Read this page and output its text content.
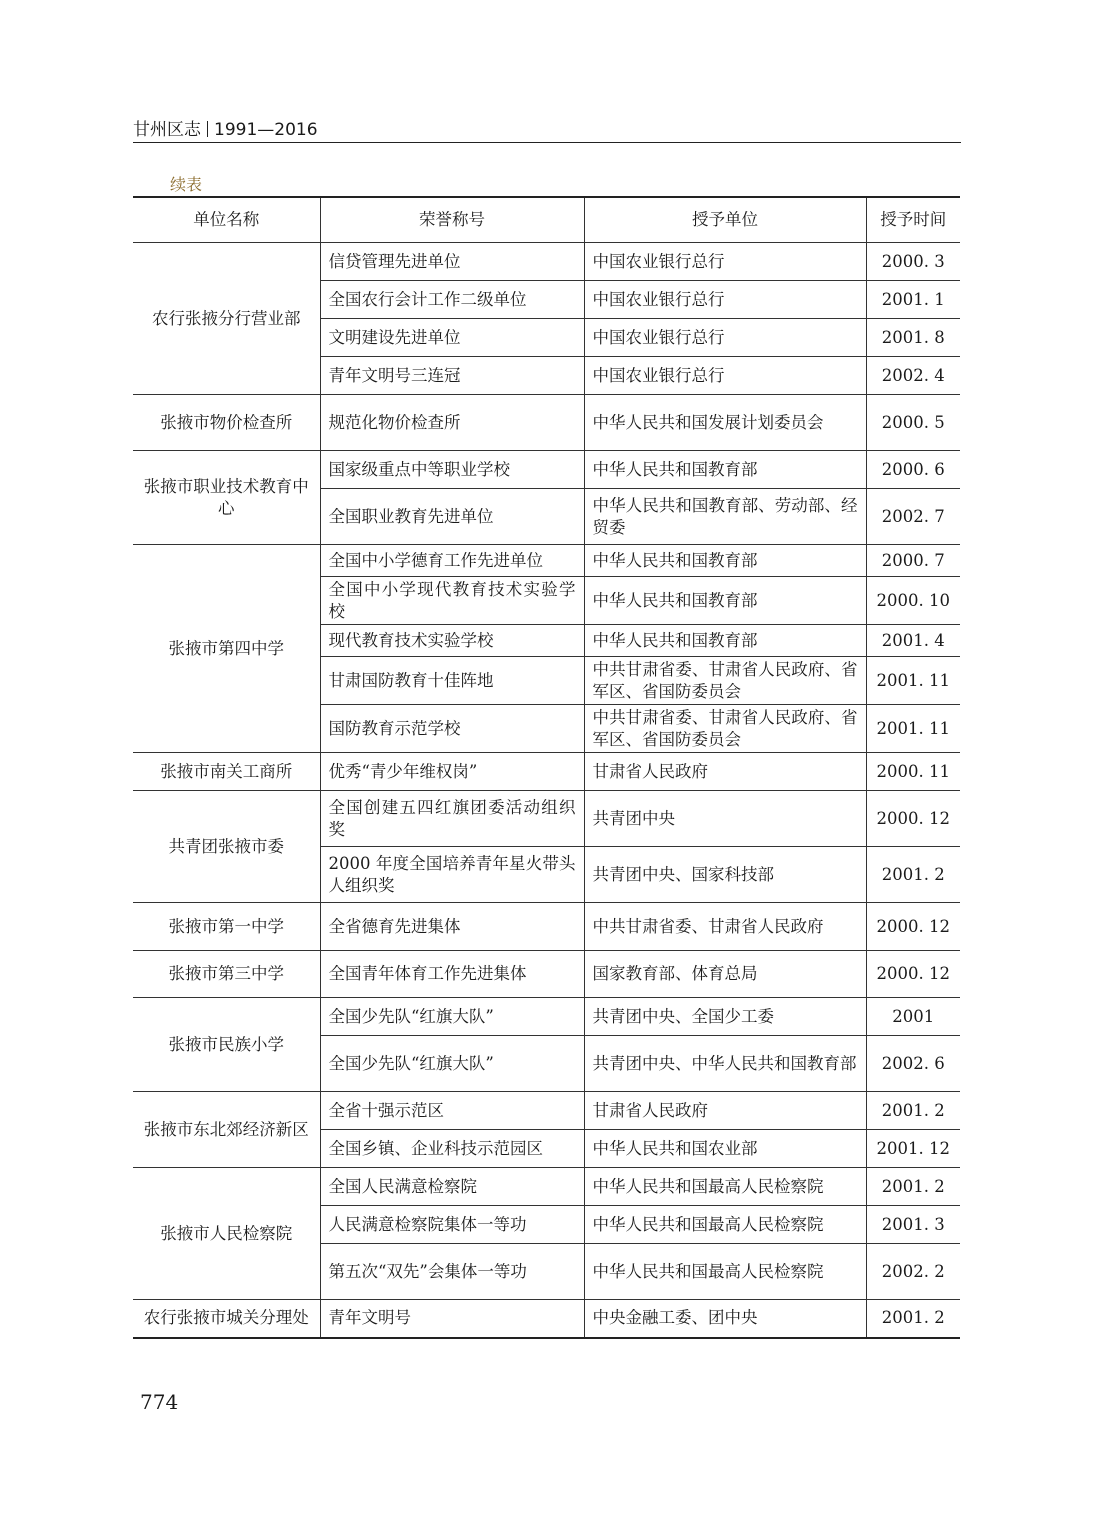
甘州区志 1991—2016
续表
单位名称	荣誉称号	授予单位	授予时间
农行张掖分行营业部	信贷管理先进单位	中国农业银行总行	2000. 3
	全国农行会计工作二级单位	中国农业银行总行	2001. 1
	文明建设先进单位	中国农业银行总行	2001. 8
	青年文明号三连冠	中国农业银行总行	2002. 4
张掖市物价检查所	规范化物价检查所	中华人民共和国发展计划委员会	2000. 5
张掖市职业技术教育中心	国家级重点中等职业学校	中华人民共和国教育部	2000. 6
	全国职业教育先进单位	中华人民共和国教育部、劳动部、经贸委	2002. 7
张掖市第四中学	全国中小学德育工作先进单位	中华人民共和国教育部	2000. 7
	全国中小学现代教育技术实验学校	中华人民共和国教育部	2000. 10
	现代教育技术实验学校	中华人民共和国教育部	2001. 4
	甘肃国防教育十佳阵地	中共甘肃省委、甘肃省人民政府、省军区、省国防委员会	2001. 11
	国防教育示范学校	中共甘肃省委、甘肃省人民政府、省军区、省国防委员会	2001. 11
张掖市南关工商所	优秀“青少年维权岗”	甘肃省人民政府	2000. 11
共青团张掖市委	全国创建五四红旗团委活动组织奖	共青团中央	2000. 12
	2000 年度全国培养青年星火带头人组织奖	共青团中央、国家科技部	2001. 2
张掖市第一中学	全省德育先进集体	中共甘肃省委、甘肃省人民政府	2000. 12
张掖市第三中学	全国青年体育工作先进集体	国家教育部、体育总局	2000. 12
张掖市民族小学	全国少先队“红旗大队”	共青团中央、全国少工委	2001
	全国少先队“红旗大队”	共青团中央、中华人民共和国教育部	2002. 6
张掖市东北郊经济新区	全省十强示范区	甘肃省人民政府	2001. 2
	全国乡镇、企业科技示范园区	中华人民共和国农业部	2001. 12
张掖市人民检察院	全国人民满意检察院	中华人民共和国最高人民检察院	2001. 2
	人民满意检察院集体一等功	中华人民共和国最高人民检察院	2001. 3
	第五次“双先”会集体一等功	中华人民共和国最高人民检察院	2002. 2
农行张掖市城关分理处	青年文明号	中央金融工委、团中央	2001. 2
774
